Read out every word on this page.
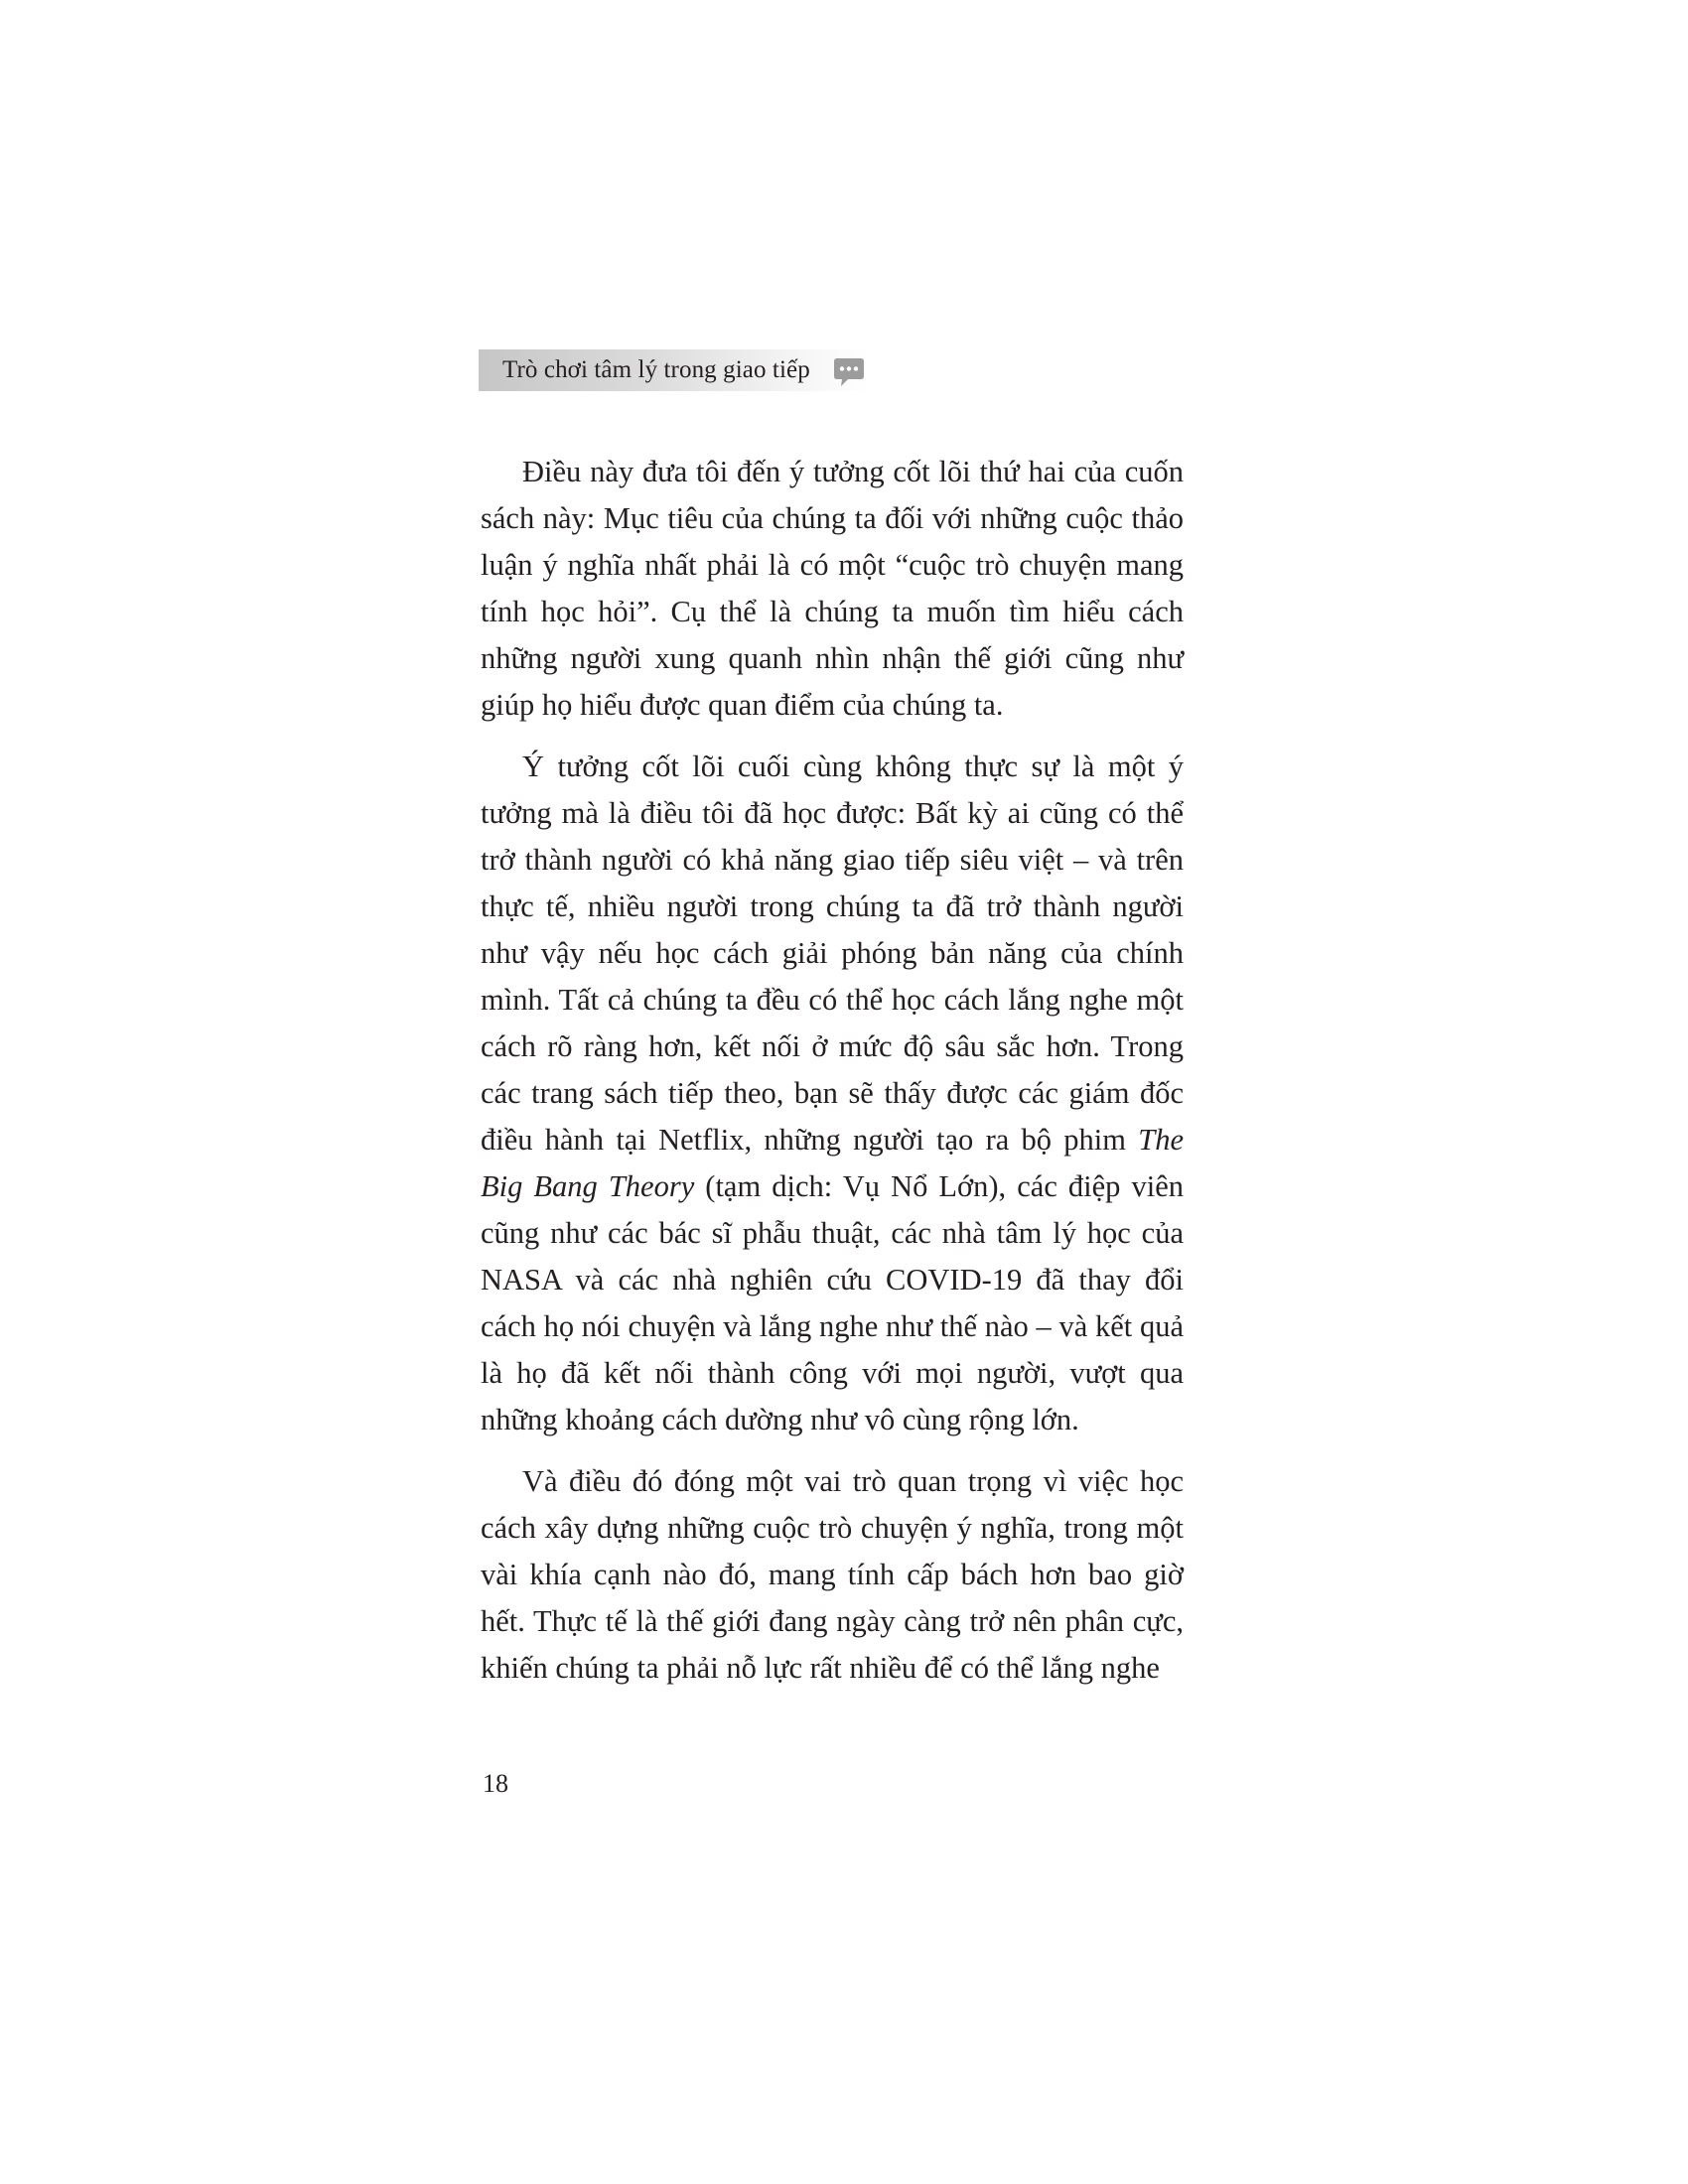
Trò chơi tâm lý trong giao tiếp

Điều này đưa tôi đến ý tưởng cốt lõi thứ hai của cuốn sách này: Mục tiêu của chúng ta đối với những cuộc thảo luận ý nghĩa nhất phải là có một “cuộc trò chuyện mang tính học hỏi”. Cụ thể là chúng ta muốn tìm hiểu cách những người xung quanh nhìn nhận thế giới cũng như giúp họ hiểu được quan điểm của chúng ta.

Ý tưởng cốt lõi cuối cùng không thực sự là một ý tưởng mà là điều tôi đã học được: Bất kỳ ai cũng có thể trở thành người có khả năng giao tiếp siêu việt – và trên thực tế, nhiều người trong chúng ta đã trở thành người như vậy nếu học cách giải phóng bản năng của chính mình. Tất cả chúng ta đều có thể học cách lắng nghe một cách rõ ràng hơn, kết nối ở mức độ sâu sắc hơn. Trong các trang sách tiếp theo, bạn sẽ thấy được các giám đốc điều hành tại Netflix, những người tạo ra bộ phim The Big Bang Theory (tạm dịch: Vụ Nổ Lớn), các điệp viên cũng như các bác sĩ phẫu thuật, các nhà tâm lý học của NASA và các nhà nghiên cứu COVID-19 đã thay đổi cách họ nói chuyện và lắng nghe như thế nào – và kết quả là họ đã kết nối thành công với mọi người, vượt qua những khoảng cách dường như vô cùng rộng lớn.

Và điều đó đóng một vai trò quan trọng vì việc học cách xây dựng những cuộc trò chuyện ý nghĩa, trong một vài khía cạnh nào đó, mang tính cấp bách hơn bao giờ hết. Thực tế là thế giới đang ngày càng trở nên phân cực, khiến chúng ta phải nỗ lực rất nhiều để có thể lắng nghe

18
